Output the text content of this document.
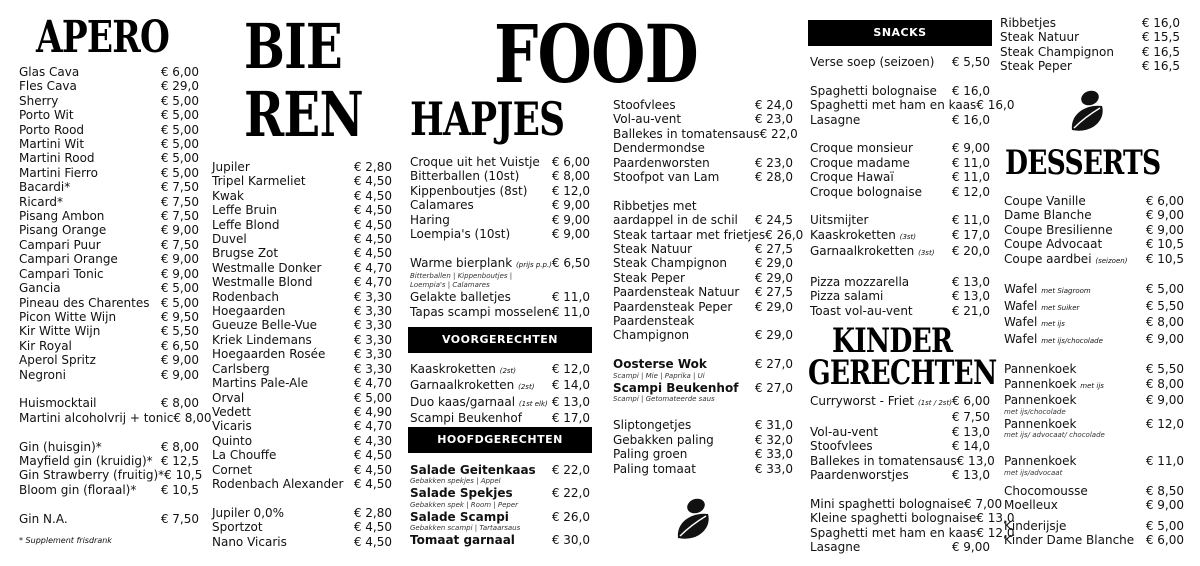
APERO BIE
REN
FOOD
HAPJES
DESSERTS
KINDER
GERECHTEN
SNACKS
VOORGERECHTEN
HOOFDGERECHTEN
Glas Cava	€ 6,00
Fles Cava	€ 29,0
Sherry	€ 5,00
Porto Wit	€ 5,00
Porto Rood	€ 5,00
Martini Wit	€ 5,00
Martini Rood	€ 5,00
Martini Fierro	€ 5,00
Bacardi*	€ 7,50
Ricard*	€ 7,50
Pisang Ambon	€ 7,50
Pisang Orange	€ 9,00
Campari Puur	€ 7,50
Campari Orange	€ 9,00
Campari Tonic	€ 9,00
Gancia	€ 5,00
Pineau des Charentes € 5,00
Picon Witte Wijn	€ 9,50
Kir Witte Wijn	€ 5,50
Kir Royal	€ 6,50
Aperol Spritz	€ 9,00
Negroni	€ 9,00
Huismocktail	€ 8,00
Martini alcoholvrij + tonic € 8,00
Gin (huisgin)*	€ 8,00
Mayfield gin (kruidig)* € 12,5
Gin Strawberry (fruitig)* € 10,5
Bloom gin (floraal)* € 10,5
Gin N.A.	€ 7,50
* Supplement frisdrank
Jupiler	€ 2,80
Tripel Karmeliet	€ 4,50
Kwak	€ 4,50
Leffe Bruin	€ 4,50
Leffe Blond	€ 4,50
Duvel	€ 4,50
Brugse Zot	€ 4,50
Westmalle Donker	€ 4,70
Westmalle Blond	€ 4,70
Rodenbach	€ 3,30
Hoegaarden	€ 3,30
Gueuze Belle-Vue	€ 3,30
Kriek Lindemans	€ 3,30
Hoegaarden Rosée € 3,30
Carlsberg	€ 3,30
Martins Pale-Ale	€ 4,70
Orval	€ 5,00
Vedett	€ 4,90
Vicaris	€ 4,70
Quinto	€ 4,30
La Chouffe	€ 4,50
Cornet	€ 4,50
Rodenbach Alexander € 4,50
Jupiler 0,0%	€ 2,80
Sportzot	€ 4,50
Nano Vicaris	€ 4,50
Croque uit het Vuistje € 6,00
Bitterballen (10st)	€ 8,00
Kippenboutjes (8st) € 12,0
Calamares	€ 9,00
Haring	€ 9,00
Loempia's (10st)	€ 9,00
Warme bierplank (prijs p.p.) € 6,50
Bitterballen | Kippenboutjes |
Loempia's | Calamares
Gelakte balletjes	€ 11,0
Tapas scampi mosselen € 11,0
Kaaskroketten (2st)	€ 12,0
Garnaalkroketten (2st) € 14,0
Duo kaas/garnaal (1st elk) € 13,0
Scampi Beukenhof € 17,0
Salade Geitenkaas € 22,0
Gebakken spekjes | Appel
Salade Spekjes	€ 22,0
Gebakken spek | Room | Peper
Salade Scampi	€ 26,0
Gebakken scampi | Tartaarsaus
Tomaat garnaal	€ 30,0
Stoofvlees	€ 24,0
Vol-au-vent	€ 23,0
Ballekes in tomatensaus € 22,0
Dendermondse
Paardenworsten	€ 23,0
Stoofpot van Lam	€ 28,0
Ribbetjes met
aardappel in de schil € 24,5
Steak tartaar met frietjes € 26,0
Steak Natuur	€ 27,5
Steak Champignon € 29,0
Steak Peper	€ 29,0
Paardensteak Natuur € 27,5
Paardensteak Peper € 29,0
Paardensteak
Champignon	€ 29,0
Oosterse Wok	€ 27,0
Scampi | Mie | Paprika | Ui
Scampi Beukenhof € 27,0
Scampi | Getomateerde saus
Sliptongetjes	€ 31,0
Gebakken paling	€ 32,0
Paling groen	€ 33,0
Paling tomaat	€ 33,0
Verse soep (seizoen) € 5,50
Spaghetti bolognaise € 16,0
Spaghetti met ham en kaas € 16,0
Lasagne	€ 16,0
Croque monsieur	€ 9,00
Croque madame	€ 11,0
Croque Hawaï	€ 11,0
Croque bolognaise € 12,0
Uitsmijter	€ 11,0
Kaaskroketten (3st)	€ 17,0
Garnaalkroketten (3st) € 20,0
Pizza mozzarella	€ 13,0
Pizza salami	€ 13,0
Toast vol-au-vent	€ 21,0
Curryworst - Friet (1st / 2st) € 6,00
€ 7,50
Vol-au-vent	€ 13,0
Stoofvlees	€ 14,0
Ballekes in tomatensaus € 13,0
Paardenworstjes	€ 13,0
Mini spaghetti bolognaise € 7,00
Kleine spaghetti bolognaise € 13,0
Spaghetti met ham en kaas € 12,0
Lasagne	€ 9,00
Ribbetjes	€ 16,0
Steak Natuur	€ 15,5
Steak Champignon € 16,5
Steak Peper	€ 16,5
Coupe Vanille	€ 6,00
Dame Blanche	€ 9,00
Coupe Bresilienne	€ 9,00
Coupe Advocaat	€ 10,5
Coupe aardbei (seizoen) € 10,5
Wafel met Siagroom	€ 5,00
Wafel met Suiker	€ 5,50
Wafel met ijs	€ 8,00
Wafel met ijs/chocolade	€ 9,00
Pannenkoek	€ 5,50
Pannenkoek met ijs	€ 8,00
Pannenkoek	€ 9,00
met ijs/chocolade
Pannenkoek	€ 12,0
met ijs/ advocaat/ chocolade
Pannenkoek	€ 11,0
met ijs/advocaat
Chocomousse	€ 8,50
Moelleux	€ 9,00
Kinderijsje	€ 5,00
Kinder Dame Blanche € 6,00
